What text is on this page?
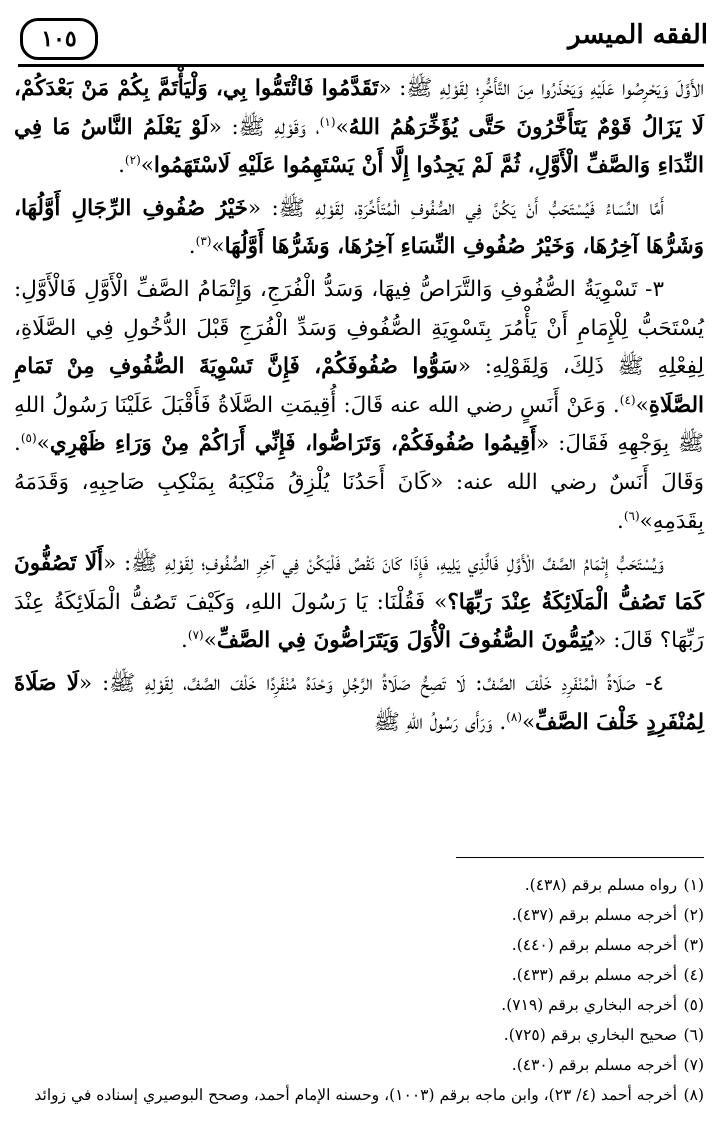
الفقه الميسر
١٠٥

الأَوَّلَ وَيَحْرِصُوا عَلَيْهِ وَيَحْذَرُوا مِنَ التَّأَخُّرِ؛ لِقَوْلِهِ ﷺ: «تَقَدَّمُوا فَائْتَمُّوا بِي، وَلْيَأْتَمَّ بِكُمْ مَنْ بَعْدَكُمْ، لَا يَزَالُ قَوْمٌ يَتَأَخَّرُونَ حَتَّى يُؤَخِّرَهُمُ اللهُ»$^{(١)}$، وَقَوْلِهِ ﷺ: «لَوْ يَعْلَمُ النَّاسُ مَا فِي النِّدَاءِ وَالصَّفِّ الْأَوَّلِ، ثُمَّ لَمْ يَجِدُوا إِلَّا أَنْ يَسْتَهِمُوا عَلَيْهِ لَاسْتَهَمُوا»$^{(٢)}$.

أَمَّا النِّسَاءُ فَيُسْتَحَبُّ أَنْ يَكُنَّ فِي الصُّفُوفِ الْمُتَأَخِّرَةِ، لِقَوْلِهِ ﷺ: «خَيْرُ صُفُوفِ الرِّجَالِ أَوَّلُهَا، وَشَرُّهَا آخِرُهَا، وَخَيْرُ صُفُوفِ النِّسَاءِ آخِرُهَا، وَشَرُّهَا أَوَّلُهَا»$^{(٣)}$.

٣- تَسْوِيَةُ الصُّفُوفِ وَالتَّرَاصُّ فِيهَا، وَسَدُّ الْفُرَجِ، وَإِتْمَامُ الصَّفِّ الْأَوَّلِ فَالْأَوَّلِ: يُسْتَحَبُّ لِلْإِمَامِ أَنْ يَأْمُرَ بِتَسْوِيَةِ الصُّفُوفِ وَسَدِّ الْفُرَجِ قَبْلَ الدُّخُولِ فِي الصَّلَاةِ، لِفِعْلِهِ ﷺ ذَلِكَ، وَلِقَوْلِهِ: «سَوُّوا صُفُوفَكُمْ، فَإِنَّ تَسْوِيَةَ الصُّفُوفِ مِنْ تَمَامِ الصَّلَاةِ»$^{(٤)}$. وَعَنْ أَنَسٍ رضي الله عنه قَالَ: أُقِيمَتِ الصَّلَاةُ فَأَقْبَلَ عَلَيْنَا رَسُولُ اللهِ ﷺ بِوَجْهِهِ فَقَالَ: «أَقِيمُوا صُفُوفَكُمْ، وَتَرَاصُّوا، فَإِنِّي أَرَاكُمْ مِنْ وَرَاءِ ظَهْرِي»$^{(٥)}$. وَقَالَ أَنَسٌ رضي الله عنه: «كَانَ أَحَدُنَا يُلْزِقُ مَنْكِبَهُ بِمَنْكِبِ صَاحِبِهِ، وَقَدَمَهُ بِقَدَمِهِ»$^{(٦)}$.

وَيُسْتَحَبُّ إِتْمَامُ الصَّفِّ الْأَوَّلِ فَالَّذِي يَلِيهِ، فَإِذَا كَانَ نَقْصٌ فَلْيَكُنْ فِي آخِرِ الصُّفُوفِ؛ لِقَوْلِهِ ﷺ: «أَلَا تَصُفُّونَ كَمَا تَصُفُّ الْمَلَائِكَةُ عِنْدَ رَبِّهَا؟» فَقُلْنَا: يَا رَسُولَ اللهِ، وَكَيْفَ تَصُفُّ الْمَلَائِكَةُ عِنْدَ رَبِّهَا؟ قَالَ: «يُتِمُّونَ الصُّفُوفَ الْأُوَلَ وَيَتَرَاصُّونَ فِي الصَّفِّ»$^{(٧)}$.

٤- صَلَاةُ الْمُنْفَرِدِ خَلْفَ الصَّفِّ: لَا تَصِحُّ صَلَاةُ الرَّجُلِ وَحْدَهُ مُنْفَرِدًا خَلْفَ الصَّفِّ، لِقَوْلِهِ ﷺ: «لَا صَلَاةَ لِمُنْفَرِدٍ خَلْفَ الصَّفِّ»$^{(٨)}$. وَرَأَى رَسُولُ اللهِ ﷺ

(١) رواه مسلم برقم (٤٣٨).
(٢) أخرجه مسلم برقم (٤٣٧).
(٣) أخرجه مسلم برقم (٤٤٠).
(٤) أخرجه مسلم برقم (٤٣٣).
(٥) أخرجه البخاري برقم (٧١٩).
(٦) صحيح البخاري برقم (٧٢٥).
(٧) أخرجه مسلم برقم (٤٣٠).
(٨) أخرجه أحمد (٤/ ٢٣)، وابن ماجه برقم (١٠٠٣)، وحسنه الإمام أحمد، وصحح البوصيري إسناده في زوائد
